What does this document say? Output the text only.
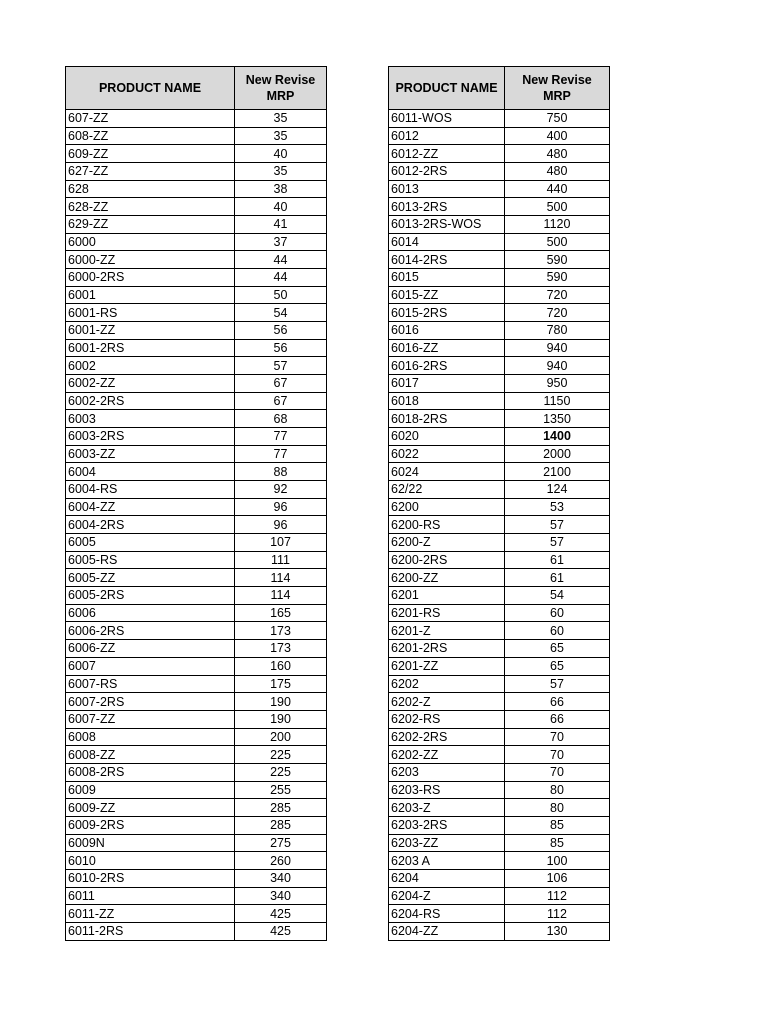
PRODUCT NAME	New Revise
MRP
607-ZZ	35
608-ZZ	35
609-ZZ	40
627-ZZ	35
628	38
628-ZZ	40
629-ZZ	41
6000	37
6000-ZZ	44
6000-2RS	44
6001	50
6001-RS	54
6001-ZZ	56
6001-2RS	56
6002	57
6002-ZZ	67
6002-2RS	67
6003	68
6003-2RS	77
6003-ZZ	77
6004	88
6004-RS	92
6004-ZZ	96
6004-2RS	96
6005	107
6005-RS	111
6005-ZZ	114
6005-2RS	114
6006	165
6006-2RS	173
6006-ZZ	173
6007	160
6007-RS	175
6007-2RS	190
6007-ZZ	190
6008	200
6008-ZZ	225
6008-2RS	225
6009	255
6009-ZZ	285
6009-2RS	285
6009N	275
6010	260
6010-2RS	340
6011	340
6011-ZZ	425
6011-2RS	425
PRODUCT NAME	New Revise
MRP
6011-WOS	750
6012	400
6012-ZZ	480
6012-2RS	480
6013	440
6013-2RS	500
6013-2RS-WOS	1120
6014	500
6014-2RS	590
6015	590
6015-ZZ	720
6015-2RS	720
6016	780
6016-ZZ	940
6016-2RS	940
6017	950
6018	1150
6018-2RS	1350
6020	1400
6022	2000
6024	2100
62/22	124
6200	53
6200-RS	57
6200-Z	57
6200-2RS	61
6200-ZZ	61
6201	54
6201-RS	60
6201-Z	60
6201-2RS	65
6201-ZZ	65
6202	57
6202-Z	66
6202-RS	66
6202-2RS	70
6202-ZZ	70
6203	70
6203-RS	80
6203-Z	80
6203-2RS	85
6203-ZZ	85
6203 A	100
6204	106
6204-Z	112
6204-RS	112
6204-ZZ	130
